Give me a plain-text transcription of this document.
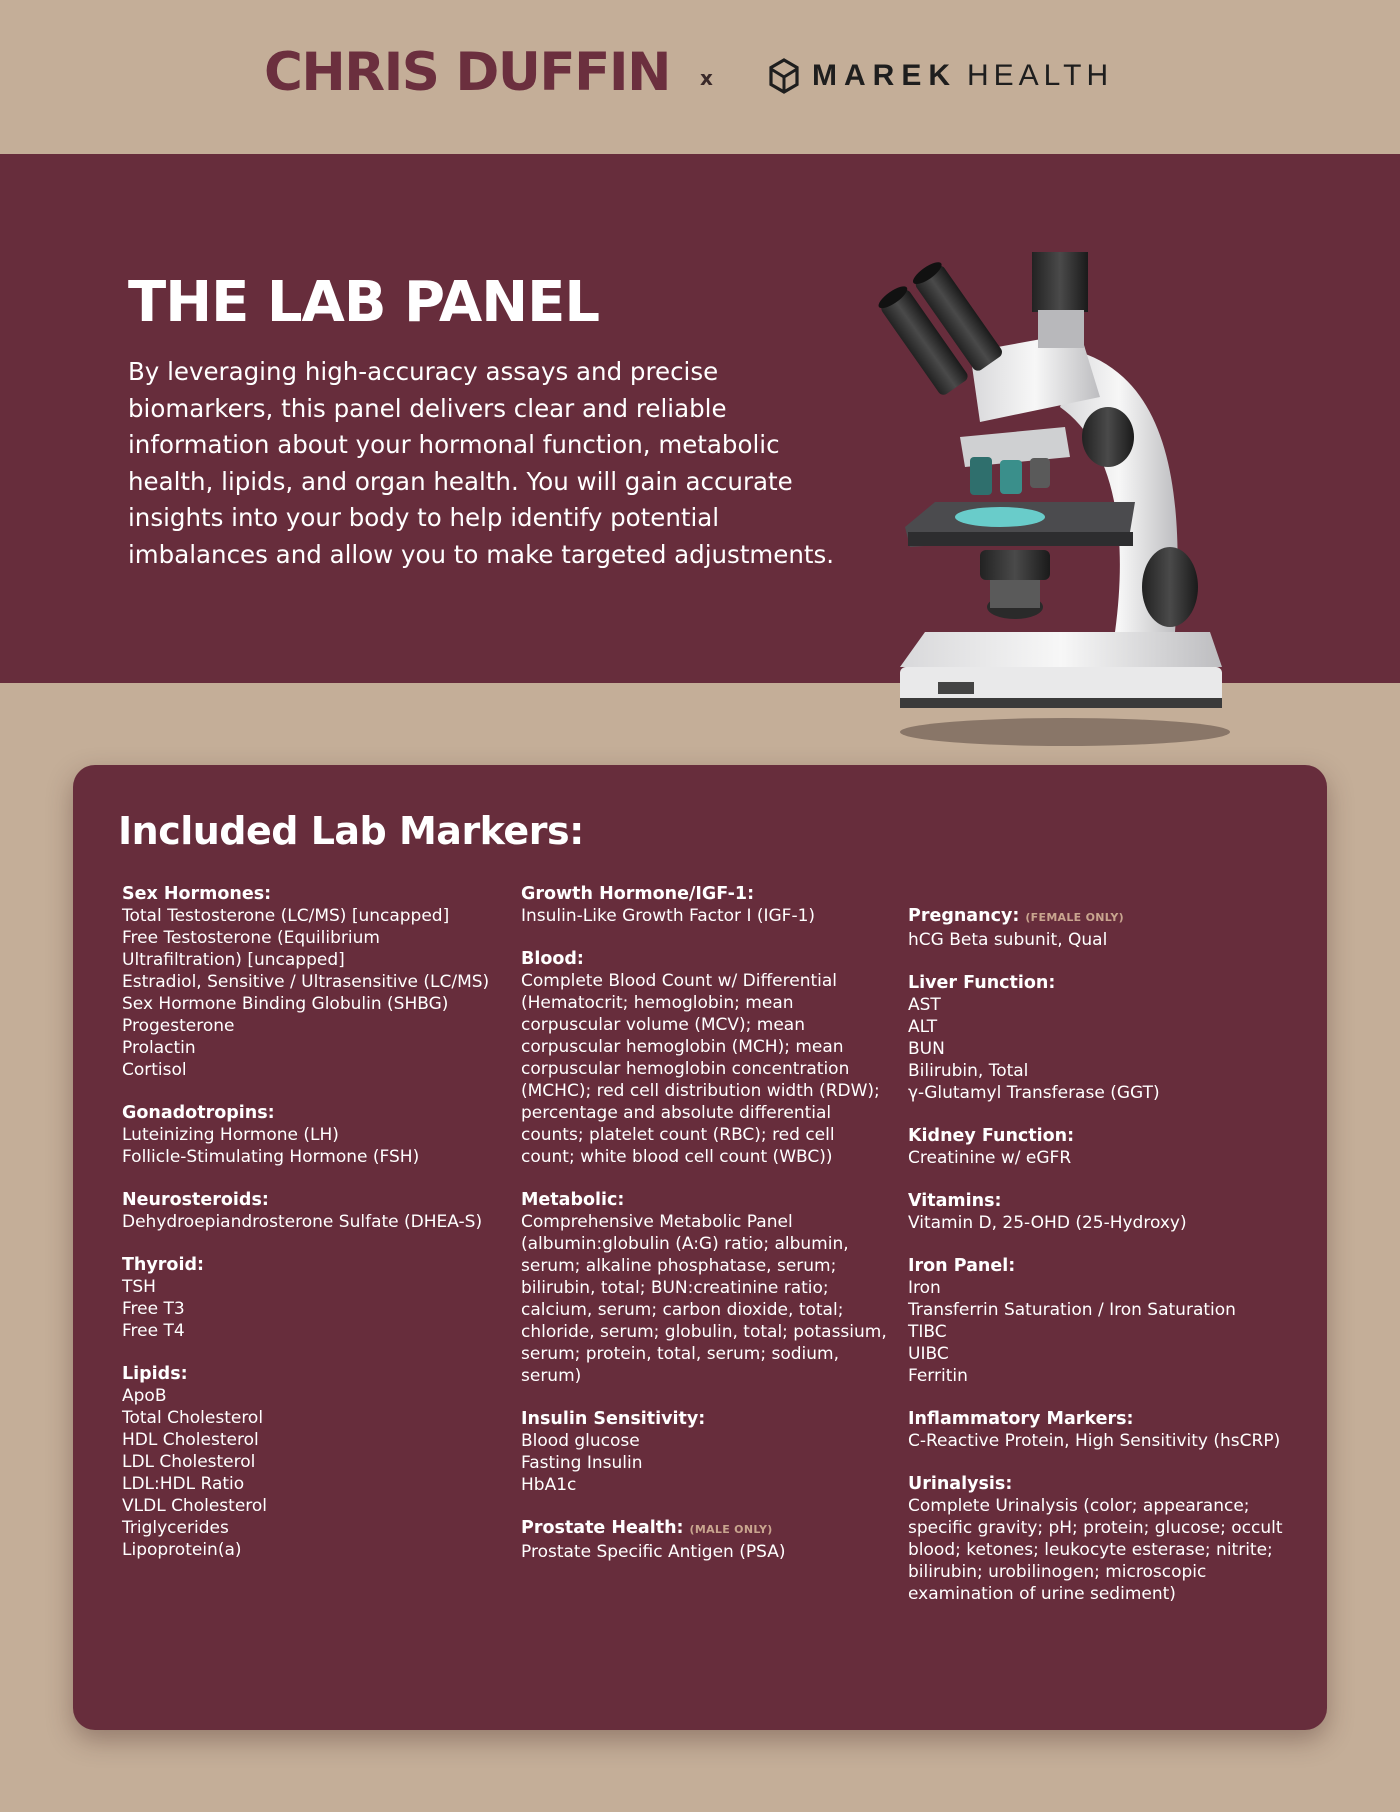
CHRIS DUFFIN x	MAREK HEALTH
THE LAB PANEL

By leveraging high-accuracy assays and precise biomarkers, this panel delivers clear and reliable information about your hormonal function, metabolic health, lipids, and organ health. You will gain accurate insights into your body to help identify potential imbalances and allow you to make targeted adjustments.

Included Lab Markers:
Sex Hormones:
Total Testosterone (LC/MS) [uncapped]
Free Testosterone (Equilibrium Ultrafiltration) [uncapped]
Estradiol, Sensitive / Ultrasensitive (LC/MS)
Sex Hormone Binding Globulin (SHBG)
Progesterone
Prolactin
Cortisol
Gonadotropins:
Luteinizing Hormone (LH)
Follicle-Stimulating Hormone (FSH)
Neurosteroids:
Dehydroepiandrosterone Sulfate (DHEA-S)
Thyroid:
TSH
Free T3
Free T4
Lipids:
ApoB
Total Cholesterol
HDL Cholesterol
LDL Cholesterol
LDL:HDL Ratio
VLDL Cholesterol
Triglycerides
Lipoprotein(a)
Growth Hormone/IGF-1:
Insulin-Like Growth Factor I (IGF-1)
Blood:
Complete Blood Count w/ Differential (Hematocrit; hemoglobin; mean corpuscular volume (MCV); mean corpuscular hemoglobin (MCH); mean corpuscular hemoglobin concentration (MCHC); red cell distribution width (RDW); percentage and absolute differential counts; platelet count (RBC); red cell count; white blood cell count (WBC))
Metabolic:
Comprehensive Metabolic Panel (albumin:globulin (A:G) ratio; albumin, serum; alkaline phosphatase, serum; bilirubin, total; BUN:creatinine ratio; calcium, serum; carbon dioxide, total; chloride, serum; globulin, total; potassium, serum; protein, total, serum; sodium, serum)
Insulin Sensitivity:
Blood glucose
Fasting Insulin
HbA1c
Prostate Health: (MALE ONLY)
Prostate Specific Antigen (PSA)
Pregnancy: (FEMALE ONLY)
hCG Beta subunit, Qual
Liver Function:
AST
ALT
BUN
Bilirubin, Total
γ-Glutamyl Transferase (GGT)
Kidney Function:
Creatinine w/ eGFR
Vitamins:
Vitamin D, 25-OHD (25-Hydroxy)
Iron Panel:
Iron
Transferrin Saturation / Iron Saturation
TIBC
UIBC
Ferritin
Inflammatory Markers:
C-Reactive Protein, High Sensitivity (hsCRP)
Urinalysis:
Complete Urinalysis (color; appearance; specific gravity; pH; protein; glucose; occult blood; ketones; leukocyte esterase; nitrite; bilirubin; urobilinogen; microscopic examination of urine sediment)
